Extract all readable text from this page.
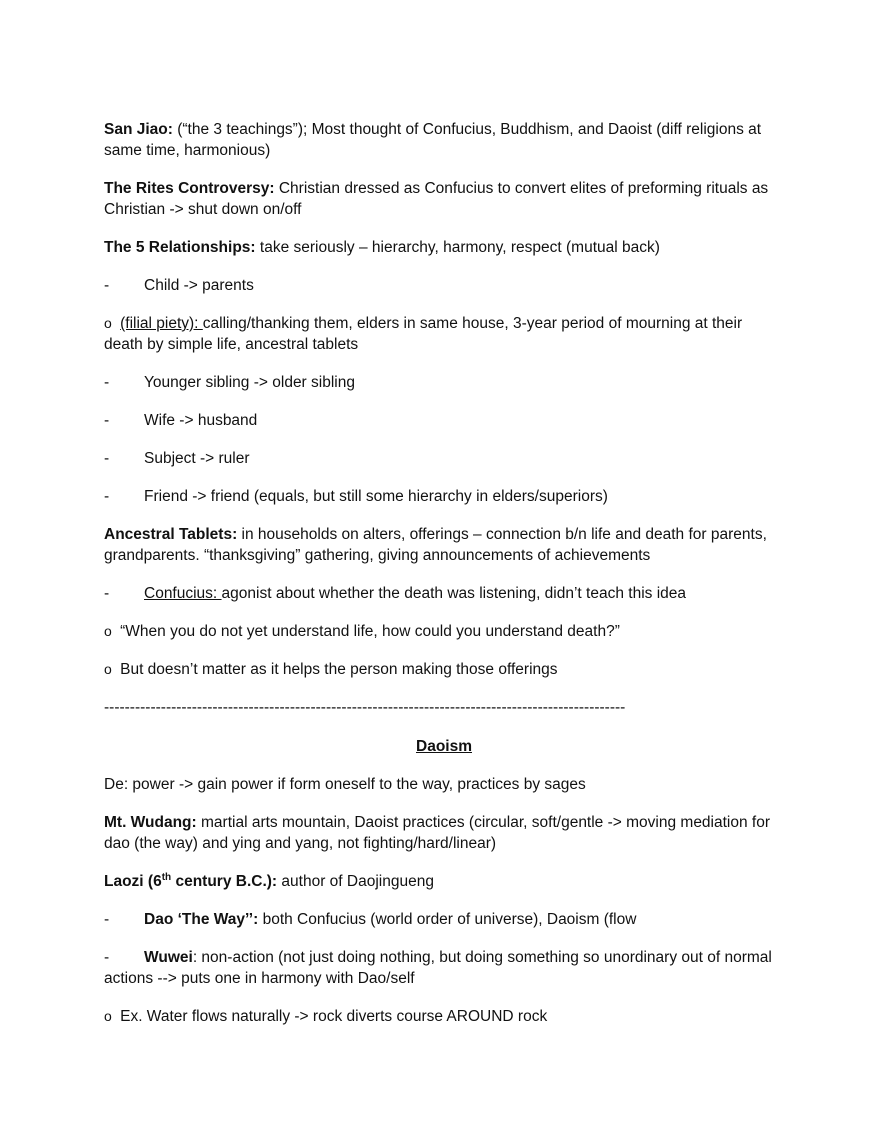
San Jiao: (“the 3 teachings”); Most thought of Confucius, Buddhism, and Daoist (diff religions at same time, harmonious)

The Rites Controversy: Christian dressed as Confucius to convert elites of preforming rituals as Christian -> shut down on/off

The 5 Relationships: take seriously – hierarchy, harmony, respect (mutual back)

-	Child -> parents

o (filial piety): calling/thanking them, elders in same house, 3-year period of mourning at their death by simple life, ancestral tablets

-	Younger sibling -> older sibling
-	Wife -> husband
-	Subject -> ruler
-	Friend -> friend (equals, but still some hierarchy in elders/superiors)

Ancestral Tablets: in households on alters, offerings – connection b/n life and death for parents, grandparents. “thanksgiving” gathering, giving announcements of achievements

-	Confucius: agonist about whether the death was listening, didn’t teach this idea

o “When you do not yet understand life, how could you understand death?”

o But doesn’t matter as it helps the person making those offerings

-----------------------------------------------------------------------------------------------------
Daoism

De: power -> gain power if form oneself to the way, practices by sages

Mt. Wudang: martial arts mountain, Daoist practices (circular, soft/gentle -> moving mediation for dao (the way) and ying and yang, not fighting/hard/linear)

Laozi (6th century B.C.): author of Daojingueng

-	Dao ‘The Way’’: both Confucius (world order of universe), Daoism (flow

- Wuwei: non-action (not just doing nothing, but doing something so unordinary out of normal actions --> puts one in harmony with Dao/self

o Ex. Water flows naturally -> rock diverts course AROUND rock
